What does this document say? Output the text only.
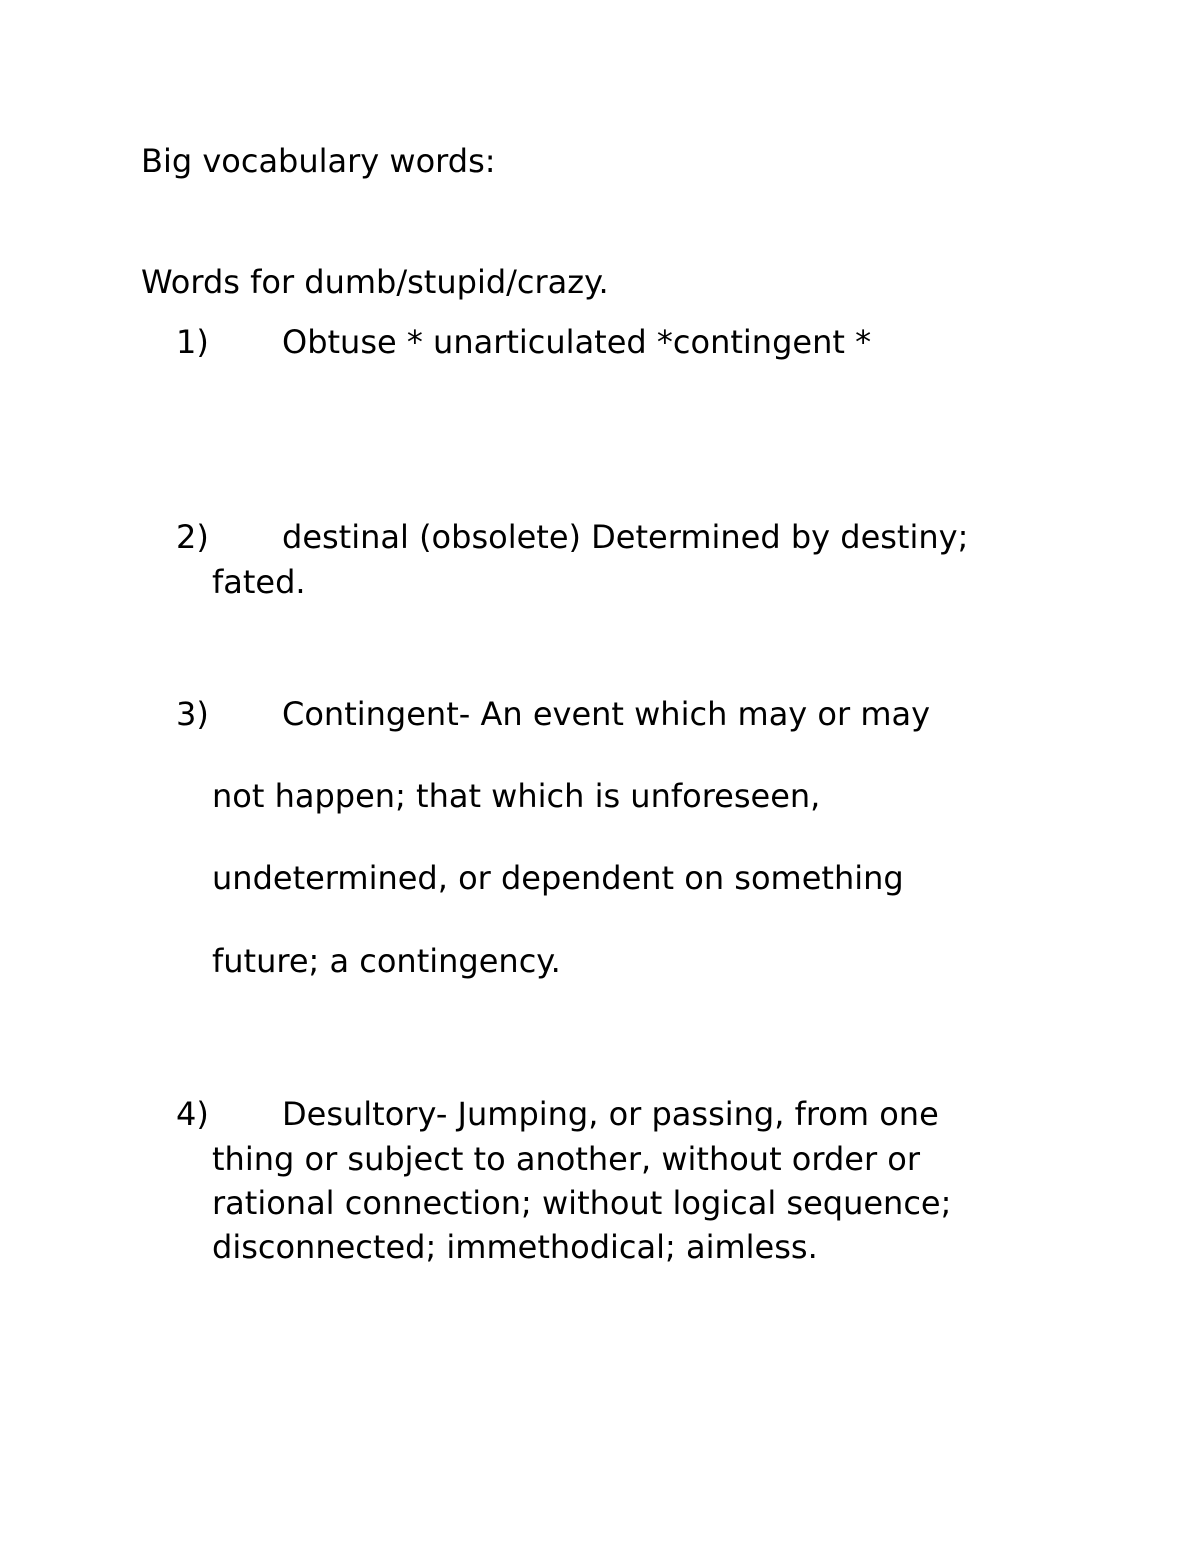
Big vocabulary words:

Words for dumb/stupid/crazy.

1) Obtuse * unarticulated *contingent *
2) destinal (obsolete) Determined by destiny;
fated.
3) Contingent- An event which may or may
not happen; that which is unforeseen,
undetermined, or dependent on something
future; a contingency.
4) Desultory- Jumping, or passing, from one
thing or subject to another, without order or
rational connection; without logical sequence;
disconnected; immethodical; aimless.
